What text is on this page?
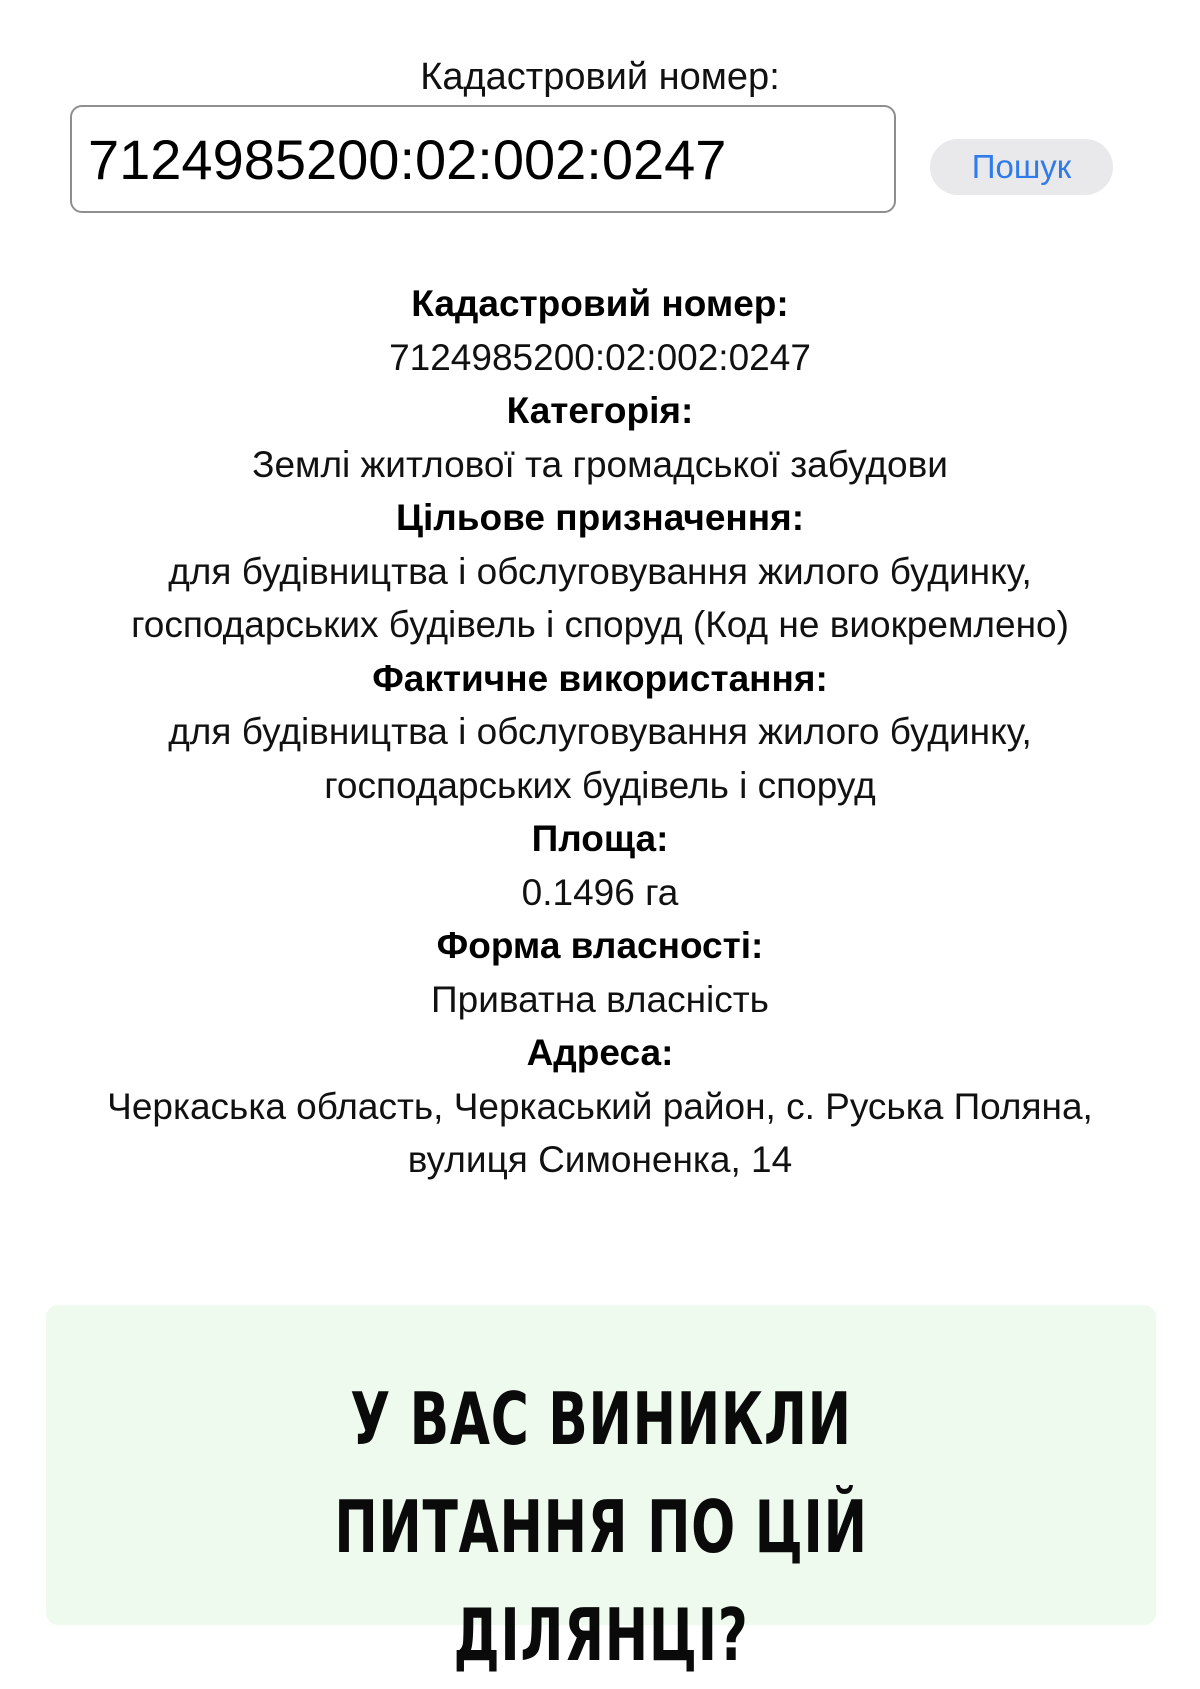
Кадастровий номер:
7124985200:02:002:0247
Пошук
Кадастровий номер:
7124985200:02:002:0247
Категорія:
Землі житлової та громадської забудови
Цільове призначення:
для будівництва і обслуговування жилого будинку, господарських будівель і споруд (Код не виокремлено)
Фактичне використання:
для будівництва і обслуговування жилого будинку, господарських будівель і споруд
Площа:
0.1496 га
Форма власності:
Приватна власність
Адреса:
Черкаська область, Черкаський район, с. Руська Поляна, вулиця Симоненка, 14
У ВАС ВИНИКЛИ ПИТАННЯ ПО ЦІЙ ДІЛЯНЦІ?
